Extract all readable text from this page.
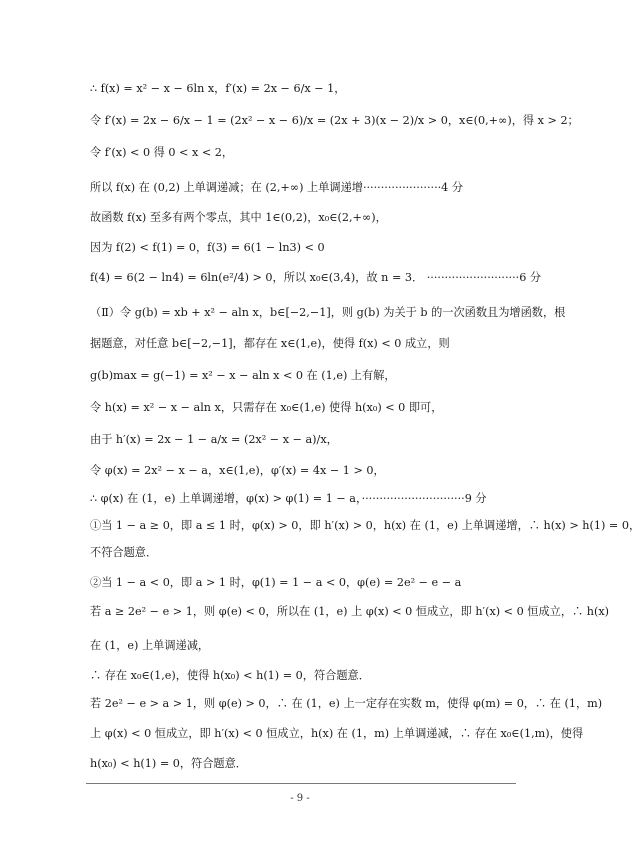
∴ f(x) = x² − x − 6ln x，f′(x) = 2x − 6/x − 1，
令 f′(x) = 2x − 6/x − 1 = (2x² − x − 6)/x = (2x + 3)(x − 2)/x > 0，x∈(0,+∞)，得 x > 2；
令 f′(x) < 0 得 0 < x < 2，
所以 f(x) 在 (0,2) 上单调递减；在 (2,+∞) 上单调递增······················4 分
故函数 f(x) 至多有两个零点，其中 1∈(0,2)，x₀∈(2,+∞)，
因为 f(2) < f(1) = 0，f(3) = 6(1 − ln3) < 0
f(4) = 6(2 − ln4) = 6ln(e²/4) > 0，所以 x₀∈(3,4)，故 n = 3． ··························6 分
（Ⅱ）令 g(b) = xb + x² − aln x，b∈[−2,−1]，则 g(b) 为关于 b 的一次函数且为增函数，根
据题意，对任意 b∈[−2,−1]，都存在 x∈(1,e)，使得 f(x) < 0 成立，则
g(b)max = g(−1) = x² − x − aln x < 0 在 (1,e) 上有解，
令 h(x) = x² − x − aln x，只需存在 x₀∈(1,e) 使得 h(x₀) < 0 即可，
由于 h′(x) = 2x − 1 − a/x = (2x² − x − a)/x，
令 φ(x) = 2x² − x − a，x∈(1,e)，φ′(x) = 4x − 1 > 0，
∴ φ(x) 在 (1，e) 上单调递增，φ(x) > φ(1) = 1 − a，·····························9 分
①当 1 − a ≥ 0，即 a ≤ 1 时，φ(x) > 0，即 h′(x) > 0，h(x) 在 (1，e) 上单调递增，∴ h(x) > h(1) = 0，
不符合题意．
②当 1 − a < 0，即 a > 1 时，φ(1) = 1 − a < 0，φ(e) = 2e² − e − a
若 a ≥ 2e² − e > 1，则 φ(e) < 0，所以在 (1，e) 上 φ(x) < 0 恒成立，即 h′(x) < 0 恒成立，∴ h(x)
在 (1，e) 上单调递减，
∴ 存在 x₀∈(1,e)，使得 h(x₀) < h(1) = 0，符合题意．
若 2e² − e > a > 1，则 φ(e) > 0，∴ 在 (1，e) 上一定存在实数 m，使得 φ(m) = 0，∴ 在 (1，m)
上 φ(x) < 0 恒成立，即 h′(x) < 0 恒成立，h(x) 在 (1，m) 上单调递减，∴ 存在 x₀∈(1,m)，使得
h(x₀) < h(1) = 0，符合题意．
- 9 -
